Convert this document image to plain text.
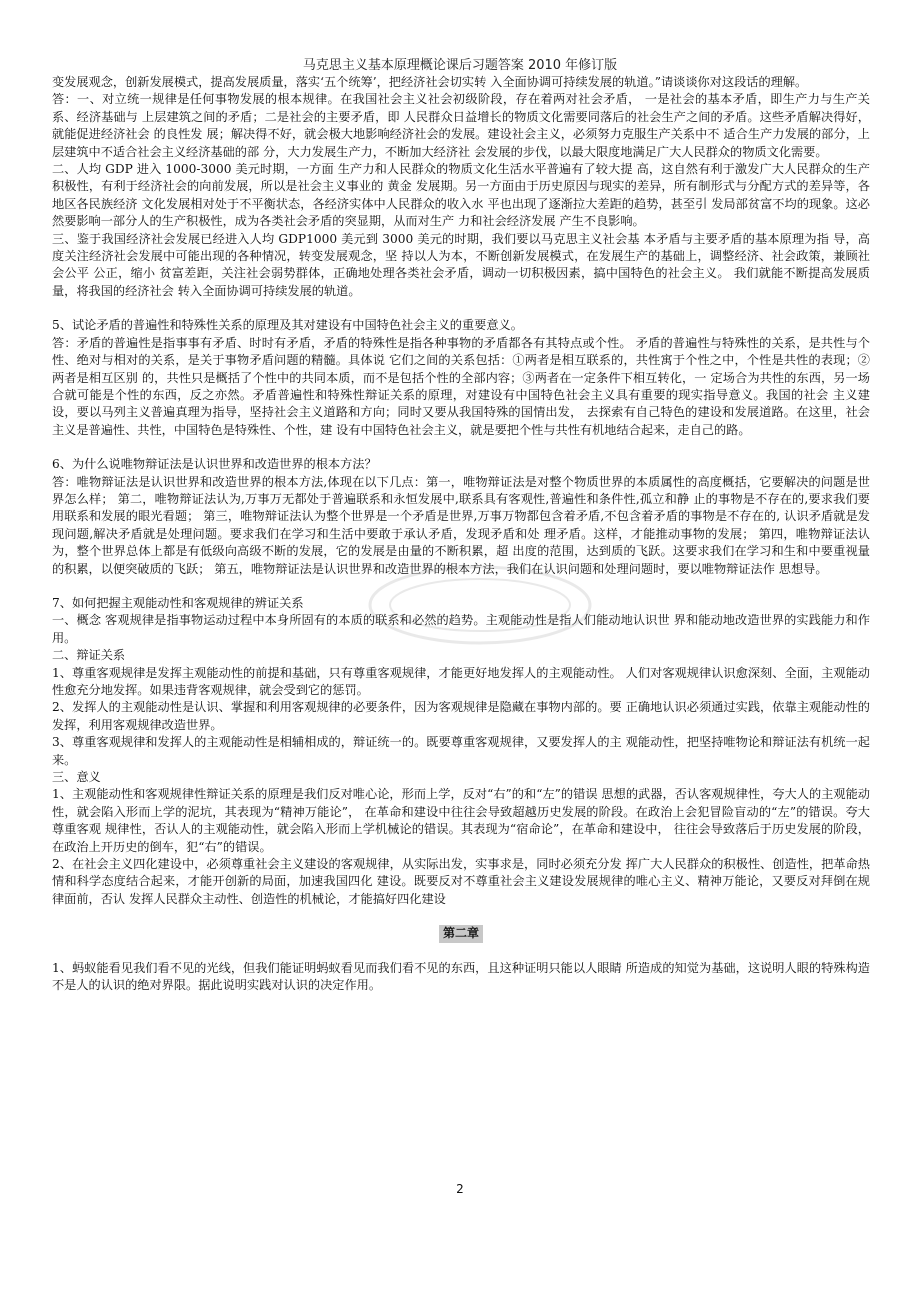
马克思主义基本原理概论课后习题答案 2010 年修订版

变发展观念，创新发展模式，提高发展质量，落实‘五个统筹’，把经济社会切实转 入全面协调可持续发展的轨道。”请谈谈你对这段话的理解。

答：一、对立统一规律是任何事物发展的根本规律。在我国社会主义社会初级阶段，存在着两对社会矛盾， 一是社会的基本矛盾，即生产力与生产关系、经济基础与 上层建筑之间的矛盾；二是社会的主要矛盾，即 人民群众日益增长的物质文化需要同落后的社会生产之间的矛盾。这些矛盾解决得好，就能促进经济社会 的良性发 展；解决得不好，就会极大地影响经济社会的发展。建设社会主义，必须努力克服生产关系中不 适合生产力发展的部分，上层建筑中不适合社会主义经济基础的部 分，大力发展生产力，不断加大经济社 会发展的步伐，以最大限度地满足广大人民群众的物质文化需要。

二、人均 GDP 进入 1000-3000 美元时期，一方面 生产力和人民群众的物质文化生活水平普遍有了较大提 高，这自然有利于激发广大人民群众的生产积极性，有利于经济社会的向前发展，所以是社会主义事业的 黄金 发展期。另一方面由于历史原因与现实的差异，所有制形式与分配方式的差异等，各地区各民族经济 文化发展相对处于不平衡状态，各经济实体中人民群众的收入水 平也出现了逐渐拉大差距的趋势，甚至引 发局部贫富不均的现象。这必然要影响一部分人的生产积极性，成为各类社会矛盾的突显期，从而对生产 力和社会经济发展 产生不良影响。

三、鉴于我国经济社会发展已经进入人均 GDP1000 美元到 3000 美元的时期，我们要以马克思主义社会基 本矛盾与主要矛盾的基本原理为指 导，高度关注经济社会发展中可能出现的各种情况，转变发展观念，坚 持以人为本，不断创新发展模式，在发展生产的基础上，调整经济、社会政策，兼顾社会公平 公正，缩小 贫富差距，关注社会弱势群体，正确地处理各类社会矛盾，调动一切积极因素，搞中国特色的社会主义。 我们就能不断提高发展质量，将我国的经济社会 转入全面协调可持续发展的轨道。

5、试论矛盾的普遍性和特殊性关系的原理及其对建设有中国特色社会主义的重要意义。

答：矛盾的普遍性是指事事有矛盾、时时有矛盾，矛盾的特殊性是指各种事物的矛盾都各有其特点或个性。 矛盾的普遍性与特殊性的关系，是共性与个性、绝对与相对的关系，是关于事物矛盾问题的精髓。具体说 它们之间的关系包括：①两者是相互联系的，共性寓于个性之中，个性是共性的表现；②两者是相互区别 的，共性只是概括了个性中的共同本质，而不是包括个性的全部内容；③两者在一定条件下相互转化，一 定场合为共性的东西，另一场合就可能是个性的东西，反之亦然。矛盾普遍性和特殊性辩证关系的原理，对建设有中国特色社会主义具有重要的现实指导意义。我国的社会 主义建设，要以马列主义普遍真理为指导，坚持社会主义道路和方向；同时又要从我国特殊的国情出发， 去探索有自己特色的建设和发展道路。在这里，社会主义是普遍性、共性，中国特色是特殊性、个性，建 设有中国特色社会主义，就是要把个性与共性有机地结合起来，走自己的路。

6、为什么说唯物辩证法是认识世界和改造世界的根本方法？

答：唯物辩证法是认识世界和改造世界的根本方法,体现在以下几点：第一，唯物辩证法是对整个物质世界的本质属性的高度概括，它要解决的问题是世界怎么样； 第二，唯物辩证法认为,万事万无都处于普遍联系和永恒发展中,联系具有客观性,普遍性和条件性,孤立和静 止的事物是不存在的,要求我们要用联系和发展的眼光看题； 第三，唯物辩证法认为整个世界是一个矛盾是世界,万事万物都包含着矛盾,不包含着矛盾的事物是不存在的, 认识矛盾就是发现问题,解决矛盾就是处理问题。要求我们在学习和生活中要敢于承认矛盾，发现矛盾和处 理矛盾。这样，才能推动事物的发展； 第四，唯物辩证法认为，整个世界总体上都是有低级向高级不断的发展，它的发展是由量的不断积累，超 出度的范围，达到质的飞跃。这要求我们在学习和生和中要重视量的积累，以便突破质的飞跃； 第五，唯物辩证法是认识世界和改造世界的根本方法，我们在认识问题和处理问题时，要以唯物辩证法作 思想导。

7、如何把握主观能动性和客观规律的辨证关系

一、概念 客观规律是指事物运动过程中本身所固有的本质的联系和必然的趋势。主观能动性是指人们能动地认识世 界和能动地改造世界的实践能力和作用。

二、辩证关系

1、尊重客观规律是发挥主观能动性的前提和基础，只有尊重客观规律，才能更好地发挥人的主观能动性。 人们对客观规律认识愈深刻、全面，主观能动性愈充分地发挥。如果违背客观规律，就会受到它的惩罚。

2、发挥人的主观能动性是认识、掌握和利用客观规律的必要条件，因为客观规律是隐藏在事物内部的。要 正确地认识必须通过实践，依靠主观能动性的发挥，利用客观规律改造世界。

3、尊重客观规律和发挥人的主观能动性是相辅相成的，辩证统一的。既要尊重客观规律，又要发挥人的主 观能动性，把坚持唯物论和辩证法有机统一起来。

三、意义

1、主观能动性和客观规律性辩证关系的原理是我们反对唯心论，形而上学，反对“右”的和“左”的错误 思想的武器，否认客观规律性，夸大人的主观能动性，就会陷入形而上学的泥坑，其表现为“精神万能论”， 在革命和建设中往往会导致超越历史发展的阶段。在政治上会犯冒险盲动的“左”的错误。夸大尊重客观 规律性，否认人的主观能动性，就会陷入形而上学机械论的错误。其表现为“宿命论”，在革命和建设中， 往往会导致落后于历史发展的阶段，在政治上开历史的倒车，犯“右”的错误。

2、在社会主义四化建设中，必须尊重社会主义建设的客观规律，从实际出发，实事求是，同时必须充分发 挥广大人民群众的积极性、创造性，把革命热情和科学态度结合起来，才能开创新的局面，加速我国四化 建设。既要反对不尊重社会主义建设发展规律的唯心主义、精神万能论，又要反对拜倒在规律面前，否认 发挥人民群众主动性、创造性的机械论，才能搞好四化建设

第二章

1、蚂蚁能看见我们看不见的光线，但我们能证明蚂蚁看见而我们看不见的东西，且这种证明只能以人眼睛 所造成的知觉为基础，这说明人眼的特殊构造不是人的认识的绝对界限。据此说明实践对认识的决定作用。

2
